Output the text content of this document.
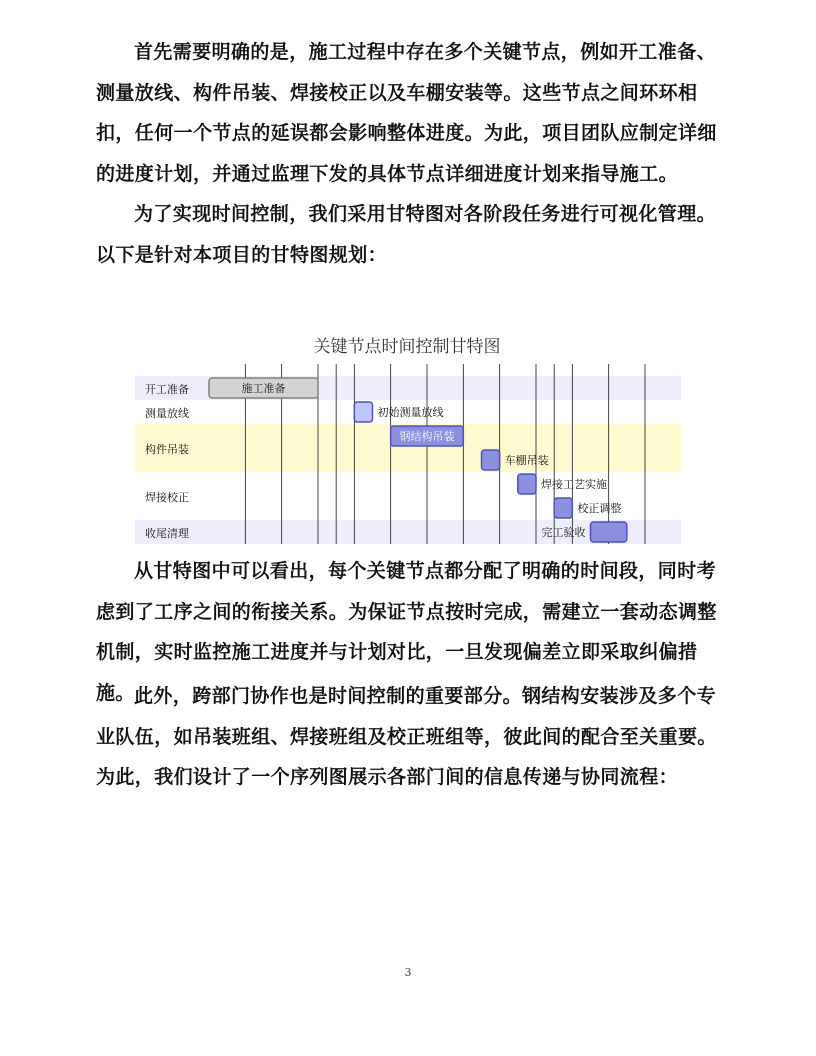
首先需要明确的是，施工过程中存在多个关键节点，例如开工准备、测量放线、构件吊装、焊接校正以及车棚安装等。这些节点之间环环相扣，任何一个节点的延误都会影响整体进度。为此，项目团队应制定详细的进度计划，并通过监理下发的具体节点详细进度计划来指导施工。

为了实现时间控制，我们采用甘特图对各阶段任务进行可视化管理。以下是针对本项目的甘特图规划：

关键节点时间控制甘特图
开工准备
测量放线
构件吊装
焊接校正
收尾清理
施工准备
初始测量放线
钢结构吊装
车棚吊装
焊接工艺实施
校正调整
完工验收

从甘特图中可以看出，每个关键节点都分配了明确的时间段，同时考虑到了工序之间的衔接关系。为保证节点按时完成，需建立一套动态调整机制，实时监控施工进度并与计划对比，一旦发现偏差立即采取纠偏措施。 此外，跨部门协作也是时间控制的重要部分。钢结构安装涉及多个专业队伍，如吊装班组、焊接班组及校正班组等，彼此间的配合至关重要。为此，我们设计了一个序列图展示各部门间的信息传递与协同流程：

3
